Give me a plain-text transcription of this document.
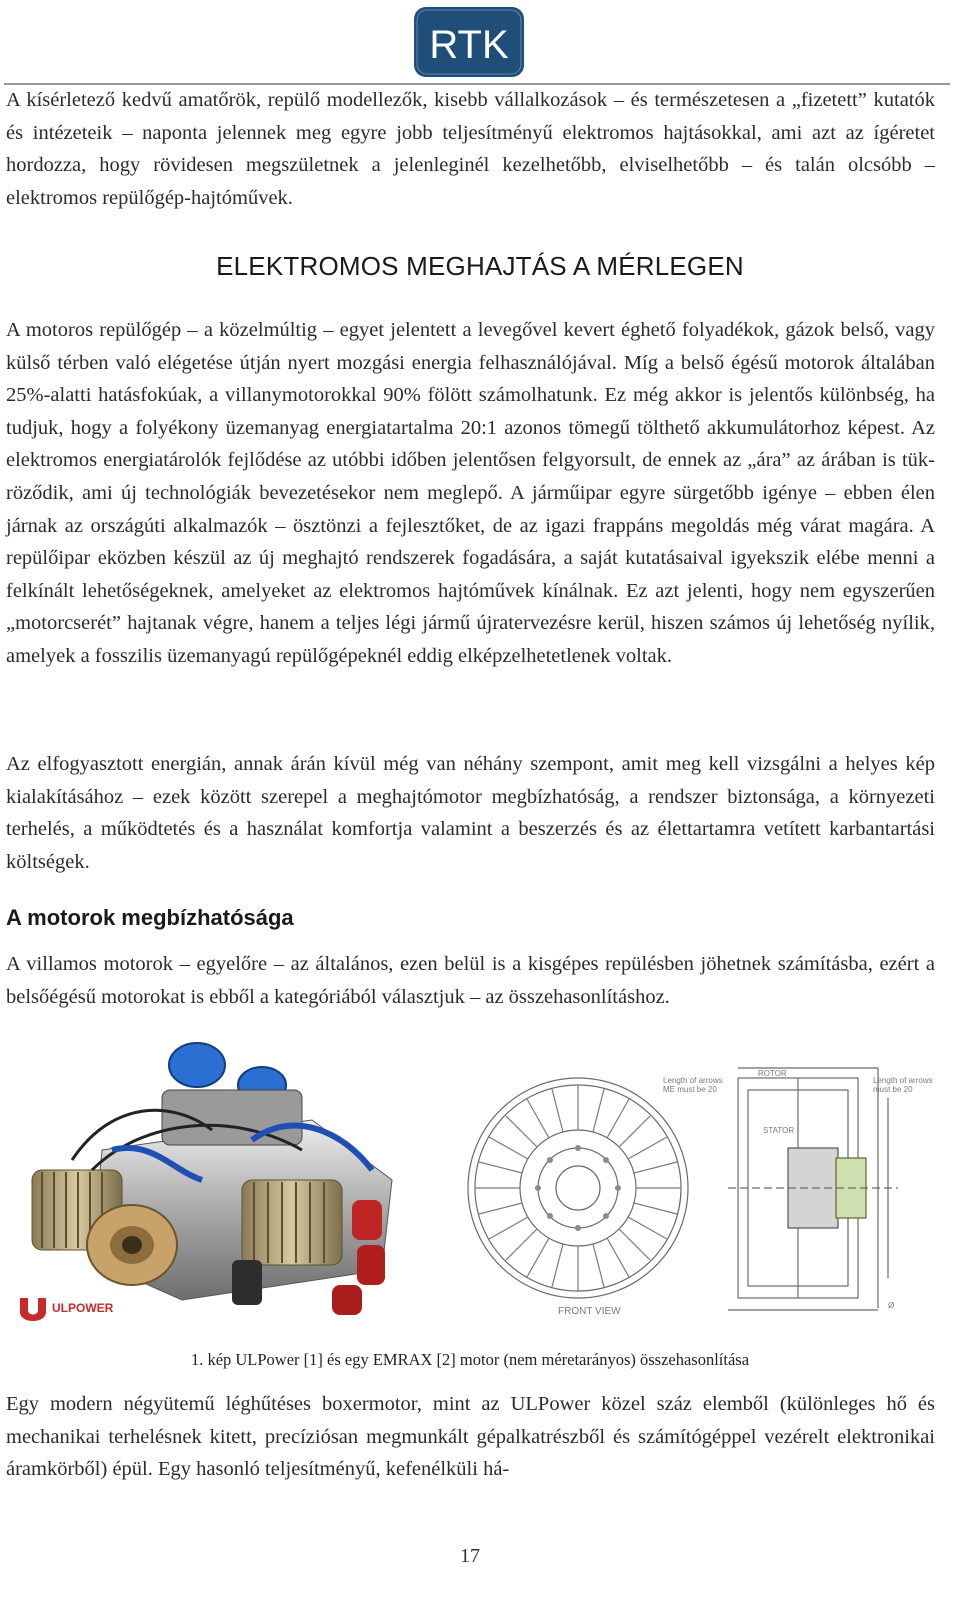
RTK

A kísérletező kedvű amatőrök, repülő modellezők, kisebb vállalkozások – és természetesen a „fizetett” kutatók és intézeteik – naponta jelennek meg egyre jobb teljesítményű elektromos hajtásokkal, ami azt az ígéretet hordozza, hogy rövidesen megszületnek a jelenleginél kezelhetőbb, elviselhetőbb – és talán olcsóbb – elektromos repülőgép-hajtóművek.

ELEKTROMOS MEGHAJTÁS A MÉRLEGEN

A motoros repülőgép – a közelmúltig – egyet jelentett a levegővel kevert éghető folyadékok, gázok belső, vagy külső térben való elégetése útján nyert mozgási energia felhasználójával. Míg a belső égésű motorok általában 25%-alatti hatásfokúak, a villanymotorokkal 90% fölött számolhatunk. Ez még akkor is jelentős különbség, ha tudjuk, hogy a folyékony üzemanyag energiatartalma 20:1 azonos tömegű tölthető akkumulátorhoz képest. Az elektromos energiatárolók fejlődése az utóbbi időben jelentősen felgyorsult, de ennek az „ára” az árában is tükröződik, ami új technológiák bevezetésekor nem meglepő. A járműipar egyre sürgetőbb igénye – ebben élen járnak az országúti alkalmazók – ösztönzi a fejlesztőket, de az igazi frappáns megoldás még várat magára. A repülőipar eközben készül az új meghajtó rendszerek fogadására, a saját kutatásaival igyekszik elébe menni a felkínált lehetőségeknek, amelyeket az elektromos hajtóművek kínálnak. Ez azt jelenti, hogy nem egyszerűen „motorcserét” hajtanak végre, hanem a teljes légi jármű újratervezésre kerül, hiszen számos új lehetőség nyílik, amelyek a fosszilis üzemanyagú repülőgépeknél eddig elképzelhetetlenek voltak.

Az elfogyasztott energián, annak árán kívül még van néhány szempont, amit meg kell vizsgálni a helyes kép kialakításához – ezek között szerepel a meghajtómotor megbízhatóság, a rendszer biztonsága, a környezeti terhelés, a működtetés és a használat komfortja valamint a beszerzés és az élettartamra vetített karbantartási költségek.

A motorok megbízhatósága

A villamos motorok – egyelőre – az általános, ezen belül is a kisgépes repülésben jöhetnek számításba, ezért a belsőégésű motorokat is ebből a kategóriából választjuk – az összehasonlításhoz.

ULPOWER
Length of arrows
ME must be 20
Length of arrows
must be 20
ROTOR
STATOR
Ø
FRONT VIEW
1. kép ULPower [1] és egy EMRAX [2] motor (nem méretarányos) összehasonlítása

Egy modern négyütemű léghűtéses boxermotor, mint az ULPower közel száz elemből (különleges hő és mechanikai terhelésnek kitett, precíziósan megmunkált gépalkatrészből és számítógéppel vezérelt elektronikai áramkörből) épül. Egy hasonló teljesítményű, kefenélküli há-

17
